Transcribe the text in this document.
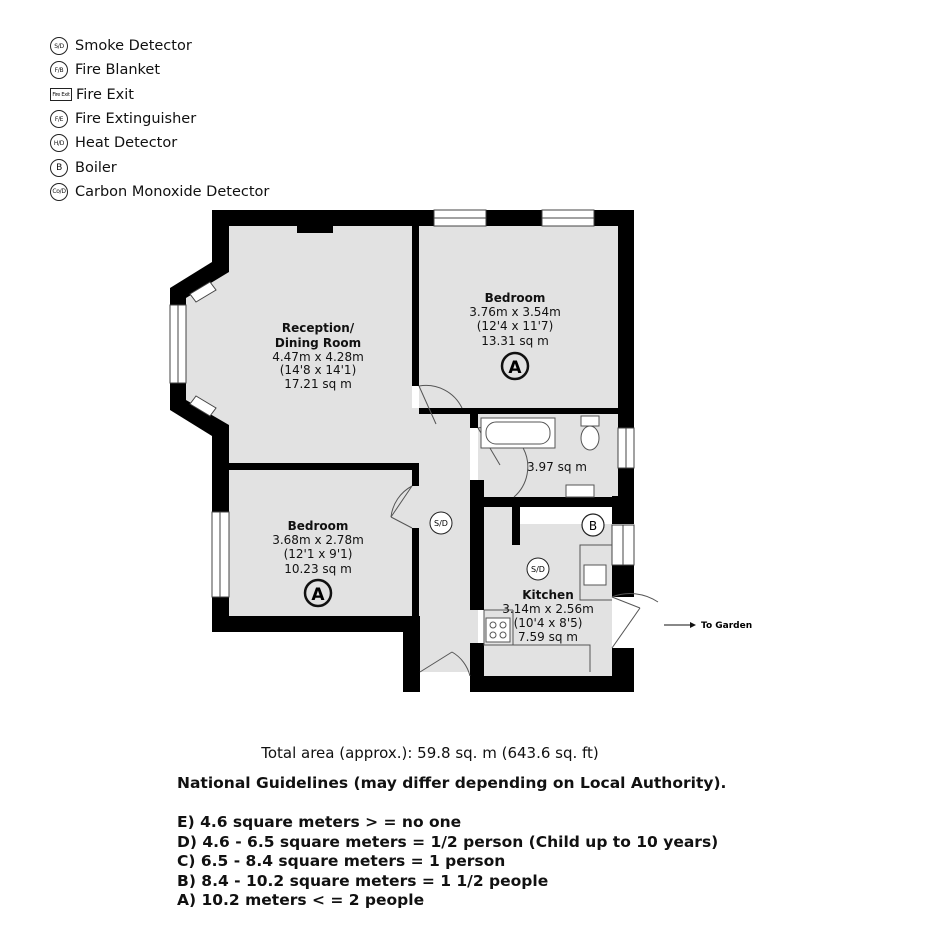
S/D Smoke Detector
F/B Fire Blanket
Fire Exit Fire Exit
F/E Fire Extinguisher
H/D Heat Detector
B Boiler
Co/D Carbon Monoxide Detector
B
S/D
S/D
Reception/
Dining Room
4.47m x 4.28m
(14'8 x 14'1)
17.21 sq m
Bedroom
3.76m x 3.54m
(12'4 x 11'7)
13.31 sq m
3.97 sq m
Bedroom
3.68m x 2.78m
(12'1 x 9'1)
10.23 sq m
Kitchen
3.14m x 2.56m
(10'4 x 8'5)
7.59 sq m
A
A
To Garden
Total area (approx.): 59.8 sq. m (643.6 sq. ft)
National Guidelines (may differ depending on Local Authority).
E) 4.6 square meters > = no one
D) 4.6 - 6.5 square meters = 1/2 person (Child up to 10 years)
C) 6.5 - 8.4 square meters = 1 person
B) 8.4 - 10.2 square meters = 1 1/2 people
A) 10.2 meters < = 2 people
